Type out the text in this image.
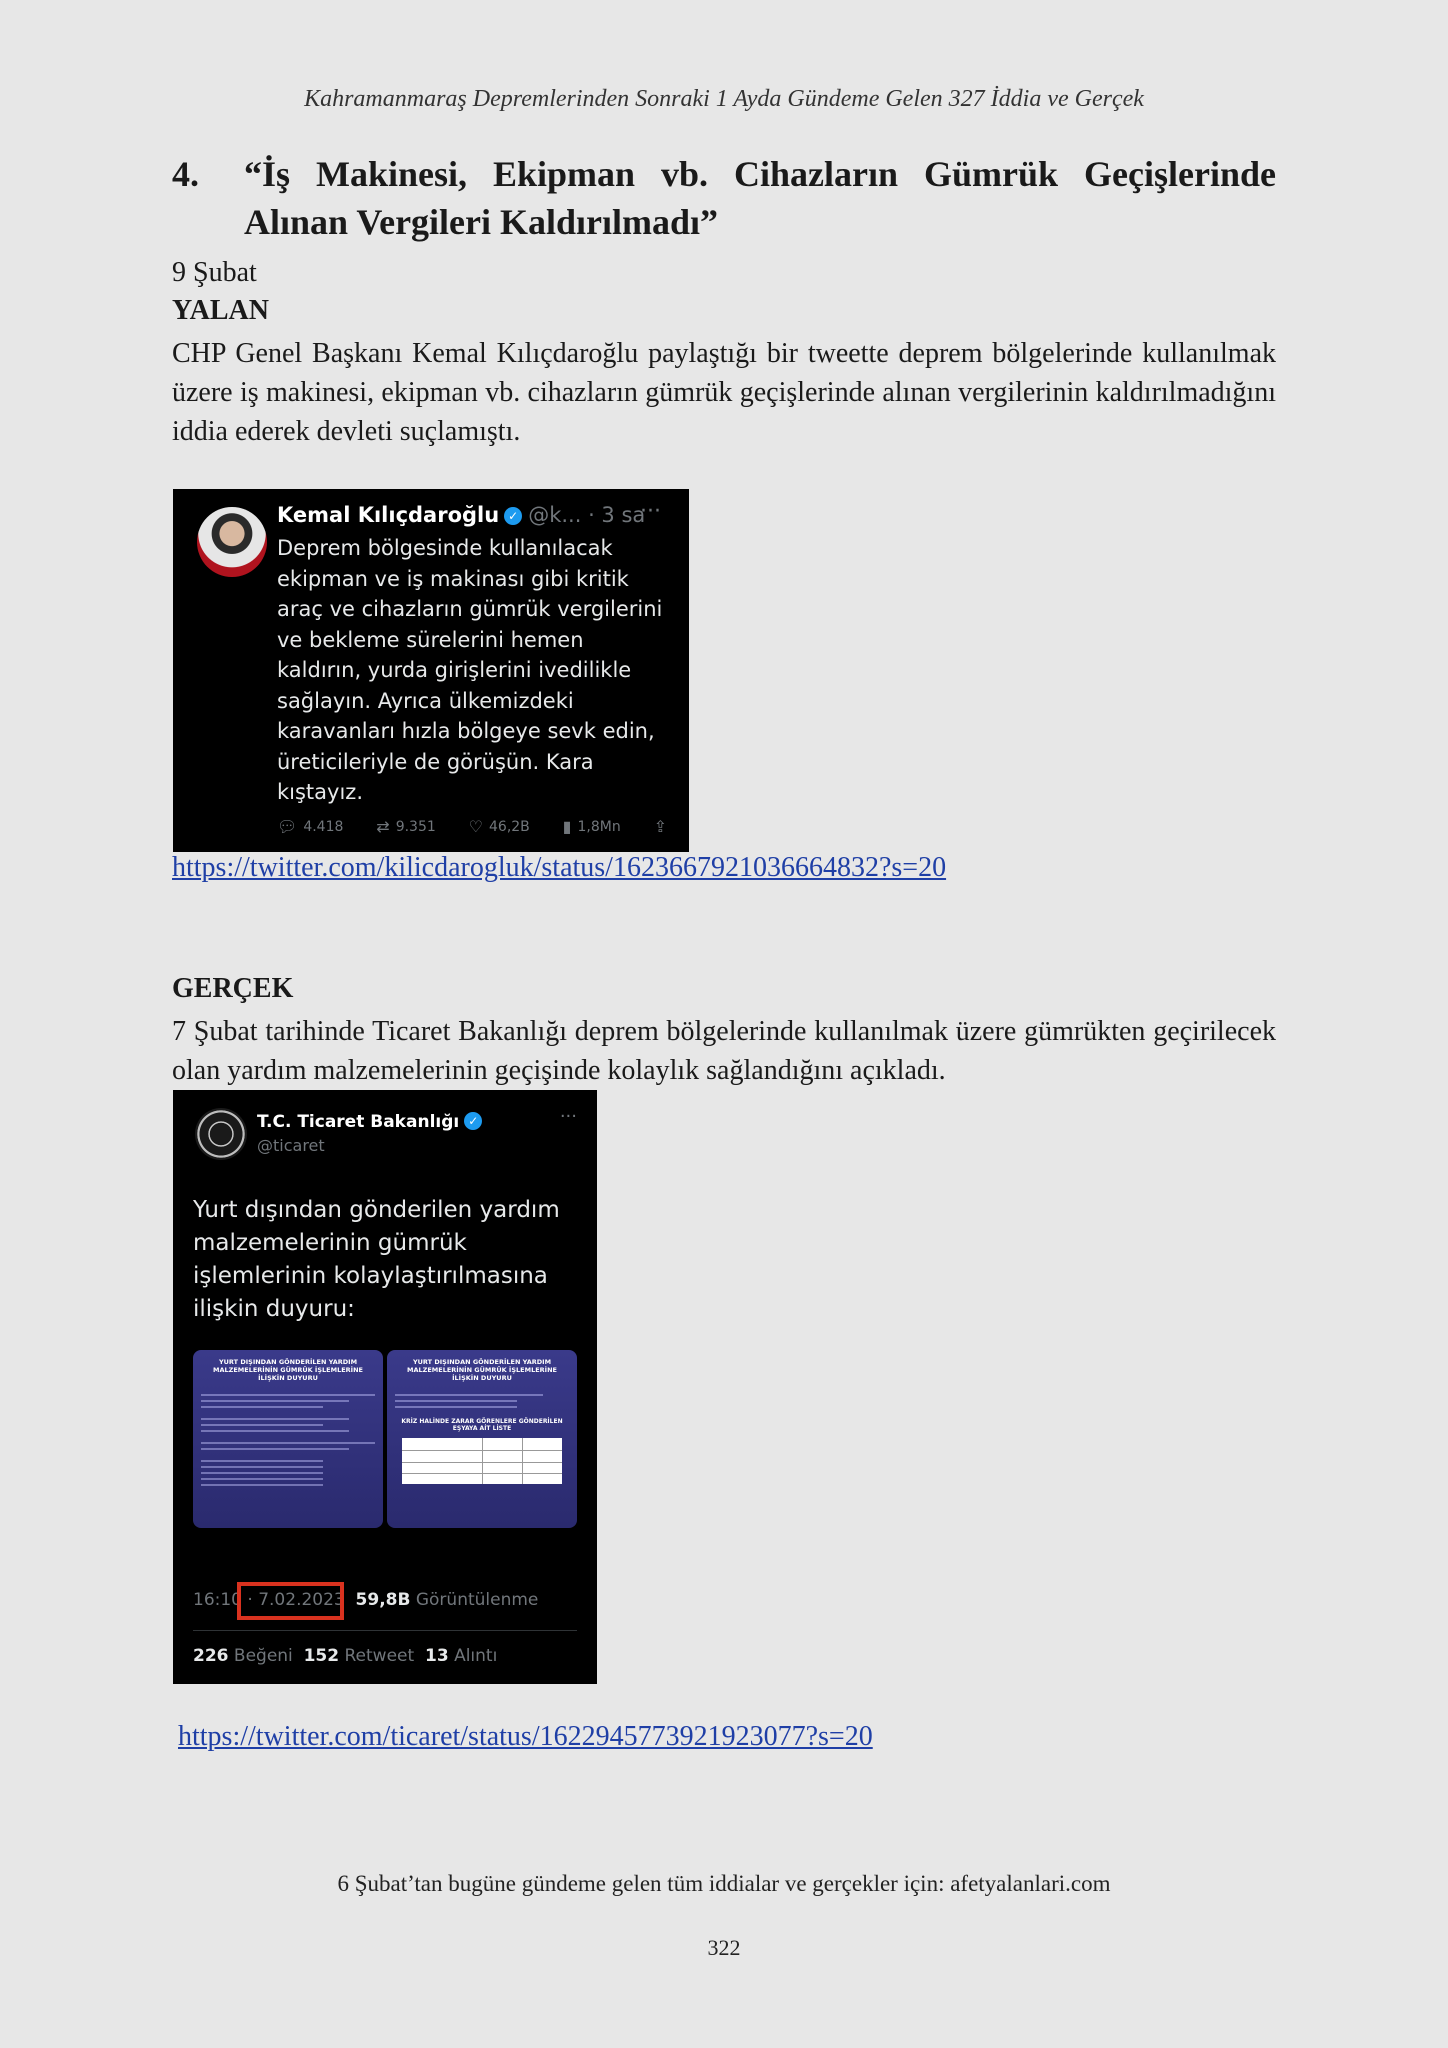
Kahramanmaraş Depremlerinden Sonraki 1 Ayda Gündeme Gelen 327 İddia ve Gerçek
4.	“İş Makinesi, Ekipman vb. Cihazların Gümrük Geçişlerinde Alınan Vergileri Kaldırılmadı”
9 Şubat
YALAN
CHP Genel Başkanı Kemal Kılıçdaroğlu paylaştığı bir tweette deprem bölgelerinde kullanılmak üzere iş makinesi, ekipman vb. cihazların gümrük geçişlerinde alınan vergilerinin kaldırılmadığını iddia ederek devleti suçlamıştı.
Kemal Kılıçdaroğlu ✓ @k... · 3 sa
···
Deprem bölgesinde kullanılacak ekipman ve iş makinası gibi kritik araç ve cihazların gümrük vergilerini ve bekleme sürelerini hemen kaldırın, yurda girişlerini ivedilikle sağlayın. Ayrıca ülkemizdeki karavanları hızla bölgeye sevk edin, üreticileriyle de görüşün. Kara kıştayız.
💬︎ 4.418 ⇄ 9.351 ♡ 46,2B ▮ 1,8Mn ⇪
https://twitter.com/kilicdarogluk/status/1623667921036664832?s=20
GERÇEK
7 Şubat tarihinde Ticaret Bakanlığı deprem bölgelerinde kullanılmak üzere gümrükten geçirilecek olan yardım malzemelerinin geçişinde kolaylık sağlandığını açıkladı.
T.C. Ticaret Bakanlığı ✓
@ticaret
···
Yurt dışından gönderilen yardım malzemelerinin gümrük işlemlerinin kolaylaştırılmasına ilişkin duyuru:
YURT DIŞINDAN GÖNDERİLEN YARDIM MALZEMELERİNİN GÜMRÜK İŞLEMLERİNE İLİŞKİN DUYURU
YURT DIŞINDAN GÖNDERİLEN YARDIM MALZEMELERİNİN GÜMRÜK İŞLEMLERİNE İLİŞKİN DUYURU
KRİZ HALİNDE ZARAR GÖRENLERE GÖNDERİLEN EŞYAYA AİT LİSTE
16:10 · 7.02.2023 59,8B Görüntülenme
226 Beğeni 152 Retweet 13 Alıntı
https://twitter.com/ticaret/status/1622945773921923077?s=20
6 Şubat’tan bugüne gündeme gelen tüm iddialar ve gerçekler için: afetyalanlari.com
322
